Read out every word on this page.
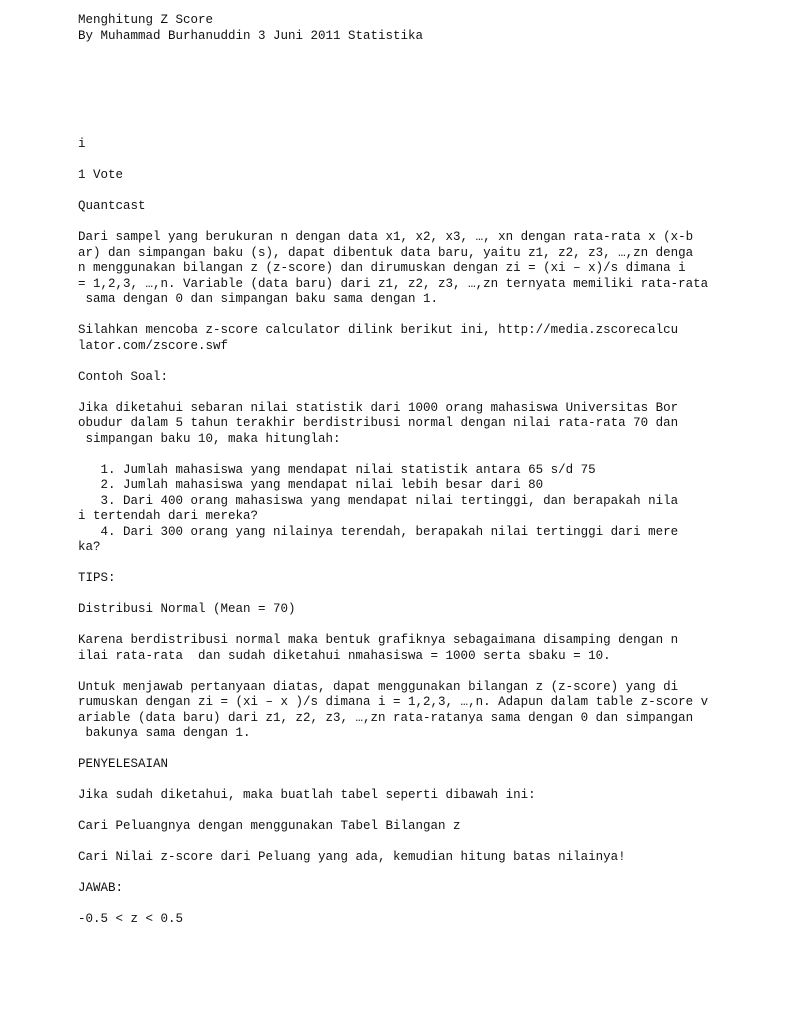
Menghitung Z Score

By Muhammad Burhanuddin 3 Juni 2011 Statistika

i

1 Vote

Quantcast

Dari sampel yang berukuran n dengan data x1, x2, x3, …, xn dengan rata-rata x (x-b

ar) dan simpangan baku (s), dapat dibentuk data baru, yaitu z1, z2, z3, …,zn denga

n menggunakan bilangan z (z-score) dan dirumuskan dengan zi = (xi – x)/s dimana i

= 1,2,3, …,n. Variable (data baru) dari z1, z2, z3, …,zn ternyata memiliki rata-rata

sama dengan 0 dan simpangan baku sama dengan 1.

Silahkan mencoba z-score calculator dilink berikut ini, http://media.zscorecalcu

lator.com/zscore.swf

Contoh Soal:

Jika diketahui sebaran nilai statistik dari 1000 orang mahasiswa Universitas Bor

obudur dalam 5 tahun terakhir berdistribusi normal dengan nilai rata-rata 70 dan

simpangan baku 10, maka hitunglah:

1. Jumlah mahasiswa yang mendapat nilai statistik antara 65 s/d 75

2. Jumlah mahasiswa yang mendapat nilai lebih besar dari 80

3. Dari 400 orang mahasiswa yang mendapat nilai tertinggi, dan berapakah nila

i tertendah dari mereka?

4. Dari 300 orang yang nilainya terendah, berapakah nilai tertinggi dari mere

ka?

TIPS:

Distribusi Normal (Mean = 70)

Karena berdistribusi normal maka bentuk grafiknya sebagaimana disamping dengan n

ilai rata-rata  dan sudah diketahui nmahasiswa = 1000 serta sbaku = 10.

Untuk menjawab pertanyaan diatas, dapat menggunakan bilangan z (z-score) yang di

rumuskan dengan zi = (xi – x )/s dimana i = 1,2,3, …,n. Adapun dalam table z-score v

ariable (data baru) dari z1, z2, z3, …,zn rata-ratanya sama dengan 0 dan simpangan

bakunya sama dengan 1.

PENYELESAIAN

Jika sudah diketahui, maka buatlah tabel seperti dibawah ini:

Cari Peluangnya dengan menggunakan Tabel Bilangan z

Cari Nilai z-score dari Peluang yang ada, kemudian hitung batas nilainya!

JAWAB:

-0.5 < z < 0.5
